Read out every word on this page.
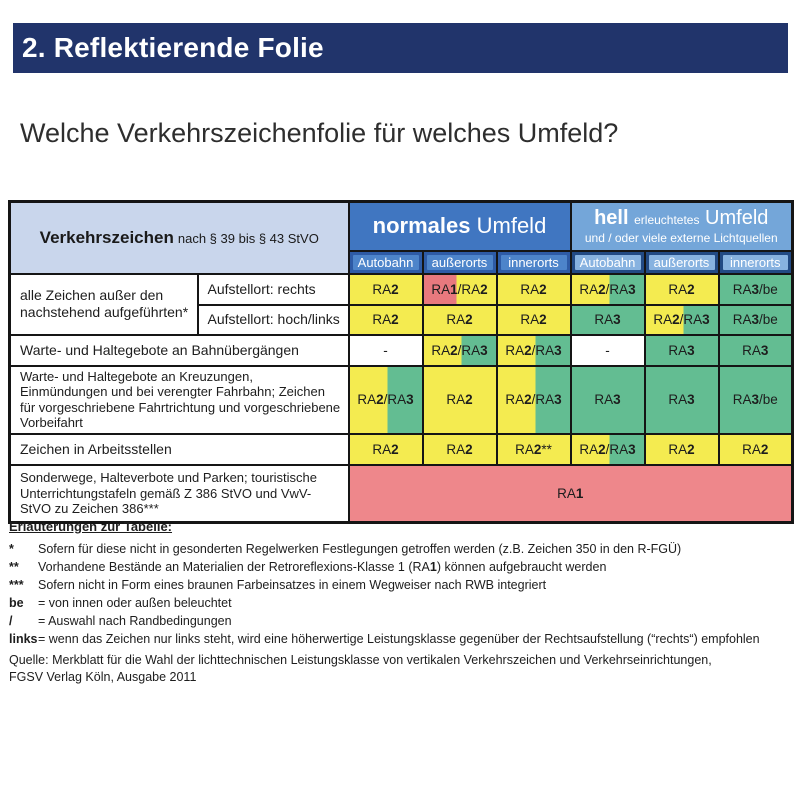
2. Reflektierende Folie
Welche Verkehrszeichenfolie für welches Umfeld?
Verkehrszeichen nach § 39 bis § 43 StVO		normales Umfeld			hell erleuchtetes Umfeld
und / oder viele externe Lichtquellen		

		Autobahn	außerorts	innerorts	Autobahn	außerorts	innerorts

alle Zeichen außer den nachstehend aufgeführten*	Aufstellort: rechts	RA2	RA1/RA2	RA2	RA2/RA3	RA2	RA3/be
	Aufstellort: hoch/links	RA2	RA2	RA2	RA3	RA2/RA3	RA3/be
Warte- und Haltegebote an Bahnübergängen		-	RA2/RA3	RA2/RA3	-	RA3	RA3
Warte- und Haltegebote an Kreuzungen, Einmündungen und bei verengter Fahrbahn; Zeichen für vorgeschriebene Fahrtrichtung und vorgeschriebene Vorbeifahrt		RA2/RA3	RA2	RA2/RA3	RA3	RA3	RA3/be
Zeichen in Arbeitsstellen		RA2	RA2	RA2**	RA2/RA3	RA2	RA2
Sonderwege, Halteverbote und Parken; touristische Unterrichtungstafeln gemäß Z 386 StVO und VwV-StVO zu Zeichen 386***		RA1					
Erläuterungen zur Tabelle:
*	Sofern für diese nicht in gesonderten Regelwerken Festlegungen getroffen werden (z.B. Zeichen 350 in den R-FGÜ)
**	Vorhandene Bestände an Materialien der Retroreflexions-Klasse 1 (RA1) können aufgebraucht werden
***	Sofern nicht in Form eines braunen Farbeinsatzes in einem Wegweiser nach RWB integriert
be	= von innen oder außen beleuchtet
/	= Auswahl nach Randbedingungen
links = wenn das Zeichen nur links steht, wird eine höherwertige Leistungsklasse gegenüber der Rechtsaufstellung (“rechts“) empfohlen
Quelle: Merkblatt für die Wahl der lichttechnischen Leistungsklasse von vertikalen Verkehrszeichen und Verkehrseinrichtungen,
FGSV Verlag Köln, Ausgabe 2011
